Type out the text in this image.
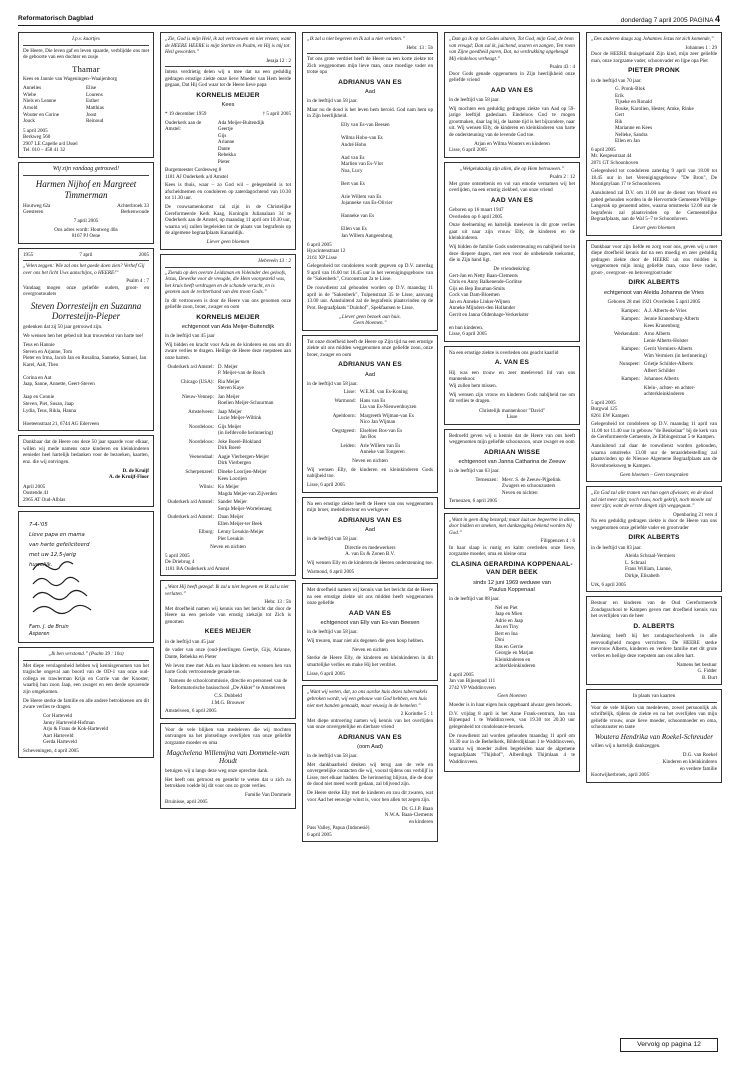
Reformatorisch Dagblad	donderdag 7 april 2005 PAGINA 4
I.p.v. kaartjes
De Heere, Die leven gaf en leven spaarde, verblijdde ons met de geboorte van een dochter en zusje
Thamar
Kees en Jannie van Wageningen–Waaijenborg
Annelies
Wiebe
Niels en Leanne
Arnold
Wouter en Corine
Jouck
Elise
Lourens
Esther
Matthias
Joost
Reinoud
5 april 2005
Berkweg 560
2907 LE Capelle a/d IJssel
Tel. 010 – 458 41 32
Wij zijn vandaag getrouwd!
Harmen Nijhof en Margreet Timmerman
Houtweg 62a
Geesteren
Achterbroek 33
Berkenwoude
7 april 2005
Ons adres wordt: Houtweg 40a
8167 PJ Oene
1955	7 april	2005
„Velen zeggen: Wie zal ons het goede doen zien? Verhef Gij over ons het licht Uws aanschijns, o HEERE!”
Psalm 4 : 7
Vandaag mogen onze geliefde ouders, groot- en overgrootouders
Steven Dorresteijn en Suzanna Dorresteijn-Pieper
gedenken dat zij 50 jaar getrouwd zijn.
We wensen hen het gebed uit hun trouwtekst van harte toe!
Teus en Hannie
Steven en Arjanne, Tom
Pieter en Irma, Jacob Jan en Rosalina, Sanneke, Samuel, Jan Karel, Aalt, Theo

Corina en Aat
Jaap, Sanne, Annette, Geert-Steven

Jaap en Connie
Steven, Piet, Susan, Jaap
Lydia, Teus, Rikla, Hanna

Hoeteenstraat 21, 6744 AG Ederveen
Dankbaar dat de Heere ons deze 50 jaar spaarde voor elkaar, willen wij mede namens onze kinderen en kleinkinderen eenieder heel hartelijk bedanken voor de bezoeken, kaarten, enz. die wij ontvingen.
D. de Kruijf
A. de Kruijf-Floor
April 2005
Oostende 41
2965 AT Oud-Alblas
7-4-'05
Lieve papa en mama
van harte gefeliciteerd
met uw 12,5-jarig
huwelijk.
Fam. J. de Bruin
Asperen
„Ik ben verstomd.” (Psalm 39 : 10a)
Met diepe verslagenheid hebben wij kennisgenomen van het tragische ongeval aan boord van de OD-1 van onze oud-collega en trawlerman Krijn en Corrie van der Knoster, waarbij hun zoon Jaap, een zwager en een derde opvarende zijn omgekomen.
De Heere sterke de familie en alle andere betrokkenen om dit zware verlies te dragen.
Cor Harteveld
Janny Harteveld-Hofman
Arjo & Frans de Kok-Harteveld
Aart Harteveld
Gerda Harteveld
Scheveningen, 4 april 2005
„Zie, God is mijn Heil, ik zal vertrouwen en niet vrezen; want de HEERE HEERE is mijn Sterkte en Psalm, en Hij is mij tot Heil geworden.”
Jesaja 12 : 2
Intens verdrietig delen wij u mee dat na een geduldig gedragen ernstige ziekte onze lieve Moeder van Hem leerde gegaan, Dat Hij God waar tot de Heere lieve papa
KORNELIS MEIJER
Kees
* 19 december 1959	† 5 april 2005
Ouderkerk aan de Amstel:
Ada Meijer-Buitendijk
Geertje
Gijs
Arianne
Dante
Rebekka
Pieter
Burgemeester Cordesweg 8
1181 AJ Ouderkerk a/d Amstel
Kees is thuis, waar – zo God wil – gelegenheid is tot afscheidnemen en condoleren op zaterdagochtend van 10.30 tot 11.30 uur.
De rouwsamenkomst zal zijn in de Christelijke Gereformeerde Kerk Kaag, Koningin Julianalaan 34 te Ouderkerk aan de Amstel, op maandag 11 april om 10.30 uur, waarna wij zullen begeleiden tot de plaats van begrafenis op de algemene begraafplaats Kanaaldijk.
Liever geen bloemen
Hebreeën 13 : 2
„Zienda op den overste Leidsman en Voleinder des geloofs, Jezus, Dewelke voor de vreugde, die Hem voorgesteld was, het kruis heeft verdragen en de schande veracht, en is gezeten aan de rechterhand van den troon Gods.”
In dit vertrouwen is door de Heere van ons genomen onze geliefde zoon, broer, zwager en oom
KORNELIS MEIJER
echtgenoot van Ada Meijer-Buitendijk
in de leeftijd van 45 jaar
Wij bidden en kracht voor Ada en de kinderen en ons om dit zware verlies te dragen. Heilige de Heere deze roepsteen aan onze harten.
Ouderkerk a/d Amstel: D. Meijer
P. Meijer-van de Bosch
Chicago (USA): Ria Meijer
Steven Kaye
Nieuw-Vennep: Jan Meijer
Roelien Meijer-Schuurman
Amstelveen: Jaap Meijer
Lucie Meijer-Wiltink
Noordeloos: Gijs Meijer
(in liefdevolle herinnering)
Noordeloos: Joke Boeré-Blokland
Dirk Boeré
Veenendaal: Aagje Vierbergen-Meijer
Dirk Vierbergen
Scherpenzeel: Dineke Loorijen-Meijer
Kees Loorijen
Wilnis: Ko Meijer
Magda Meijer-van Zijverden
Ouderkerk a/d Amstel: Sander Meijer
Sonja Meijer-Wortelenaeg
Ouderkerk a/d Amstel: Daan Meijer
Ellen Meijer-ter Beek
Elburg: Lenny Lesukin-Meijer
Piet Lesukin
Neven en nichten
5 april 2005
De Driebrug 4
1181 BA Ouderkerk a/d Amstel
„Want Hij heeft gezegd: Ik zal u niet begeven en Ik zal u niet verlaten.”
Hebr. 13 : 5b
Met droefheid namen wij kennis van het bericht dat door de Heere na een periode van ernstig ziekzijn tot Zich is genomen
KEES MEIJER
in de leeftijd van 45 jaar
de vader van onze (oud-)leerlingen Geertje, Gijs, Arianne, Dante, Rebekka en Pieter
We leven mee met Ada en haar kinderen en wensen hen van harte Gods vertroostende genade toe.
Namens de schoolcommissie, directie en personeel van de Reformatorische basisschool „De Akker” te Amstelveen
C.S. Dubbeld
J.M.G. Brouwer
Amstelveen, 6 april 2005
Voor de vele blijken van medeleven die wij mochten ontvangen na het plotselinge overlijden van onze geliefde zorgzame moeder en oma
Magchelena Willemijna van Dommele-van Houdt
betuigen wij u langs deze weg onze oprechte dank.
Het heeft ons getroost en gesterkt te weten dat u zich zo betrokken voelde bij dit voor ons zo grote verlies.
Familie Van Dommele
Bruinisse, april 2005
„Ik zal u niet begeven en Ik zal u niet verlaten.”
Hebr. 13 : 5b
Tot ons grote verdriet heeft de Heere na een korte ziekte tot Zich weggenomen mijn lieve man, onze moedige vader en trotse opa
ADRIANUS VAN ES
Aad
in de leeftijd van 58 jaar.
Maar nu de dood is het leven hem beroid. God nam hem op in Zijn heerlijkheid.
Elly van Es-van Beesen

Wilma Hobo-van Es
André Hobo

Aad van Es
Marlien van Es-Vlot
Noa, Lucy

Bert van Es

Arie Willem van Es
Jojanneke van Es-Olivier

Hanneke van Es

Ellen van Es
Jan Willem Aangeenbrug
6 april 2005
Hyacintenstraat 12
2161 XP Lisse
Gelegenheid tot condoleren wordt gegeven op D.V. zaterdag 9 april van 16.00 tot 16.45 uur in het verenigingsgebouw van de "Sakenberk", Cruconstraat 2a te Lisse.
De rouwdienst zal gehouden worden op D.V. maandag 11 april in de "Sakenberk", Tulpenstraat 35 te Lisse, aanvang 13.00 uur. Aansluitend zal de begrafenis plaatsvinden op de Prot. Begraafplaats "Duinhof", Spekfaatsen te Lisse.
„Liever geen bezoek aan huis.
Geen bloemen.”
Tot onze droefheid heeft de Heere op Zijn tijd na een ernstige ziekte uit ons midden weggenomen onze geliefde zoon, onze broer, zwager en oom
ADRIANUS VAN ES
Aad
in de leeftijd van 58 jaar.
Lisse: W.E.M. van Es-Koning
Warmond: Hans van Es
Lia van Es-Nieuwenhuyzen
Apeldoorn: Margreeth Wijman-van Es
Nico Jan Wijman
Oegstgeest: Elsebien Bos-van Es
Jan Bos
Leiden: Arie Willem van Es
Anneke van Tongeren
Neven en nichten
Wij wensen Elly, de kinderen en kleinkinderen Gods nabijheid toe.
Lisse, 6 april 2005
Na een ernstige ziekte heeft de Heere van ons weggenomen mijn broer, mededirecteur en werkgever
ADRIANUS VAN ES
Aad
in de leeftijd van 58 jaar.
Directie en medewerkers
A. van Es & Zonen B.V.
Wij wensen Elly en de kinderen de Heeren ondersteuning toe.
Warmond, 6 april 2005
Met droefheid namen wij kennis van het bericht dat de Heere na een ernstige ziekte uit ons midden heeft weggenomen onze geliefde
AAD VAN ES
echtgenoot van Elly van Es-van Beesen
in de leeftijd van 58 jaar.
Wij treuren, maar niet als degenen die geen hoop hebben.
Neven en nichten
Sterke de Heere Elly, de kinderen en kleinkinderen in dit smartelijke verlies en make Hij het verdriet.
Lisse, 6 april 2005
„Want wij weten, dat, zo ons aardse huis dezes tabernakels gebroken wordt, wij een gebouw van God hebben, een huis niet met handen gemaakt, maar eeuwig in de hemelen.”
2 Korinthe 5 : 1
Met diepe ontroering namen wij kennis van het overlijden van onze onvergetelijke en dierbare vriend
ADRIANUS VAN ES
(oom Aad)
in de leeftijd van 58 jaar.
Met dankbaarheid denken wij terug aan de vele en onvergetelijke contacten die wij, vooral tijdens ons verblijf in Lisse, met elkaar hadden. De herinnering blijvan, die de door de dood niet meed wordt gedaan, zal blijvend zijn.
De Heere sterke Elly met de kinderen en zou dit zwaren, wat voor Aad het eeuwige winst is, voor hen allen tot zegen zijn.
Dr. G.J.P. Baan
N.W.A. Baan-Clements
en kinderen
Pass Valley, Papua (Indonesië)
6 april 2005
„Dan ga ik op tot Godes altaren, Tot God, mijn God, de bron van vreugd; Dan zal ik, juichend, snaren en zangen, Ten roem van Zijne goedheid paren, Dat, na verdrukking opgeheugd Mij eindeloos verheugt.”
Psalm 43 : 4
Door Gods genade opgenomen in Zijn heerlijkheid onze geliefde vriend
AAD VAN ES
in de leeftijd van 58 jaar.
Wij mochten een geduldig gedragen ziekte van Aad op 59-jarige leeftijd gadeslaan. Eindeloos God te mogen grootmaken, daar lag bij, de laatste tijd is het bijzondere, naar uit. Wij wensen Elly, de kinderen en kleinkinderen van harte de ondersteuning van de levende God toe.
Arjan en Wilma Wouters en kinderen
Lisse, 6 april 2005
„Welgelukzalig zijn allen, die op Hem betrouwen.”
Psalm 2 : 12
Met grote ontsteltenis en vol van emotie vernamen wij het overlijden, na een ernstig ziekbed, van onze vriend
AAD VAN ES
Geboren op 16 maart 1947
Overleden op 6 april 2005
Onze deelneming en hartelijk meeleven in dit grote verlies gaat uit naar zijn vrouw Elly, de kinderen en de kleinkinderen.
Wij bidden de familie Gods ondersteuning en nabijheid toe in deze diepere dagen, met een voor de onbekende toekomst, die in Zijn hand ligt.
De vriendenkring:
Gert-Jan en Netty Baan-Clements
Chris en Anny Balkenende-Gorlitse
Gijs en Bep Bouman-Smits
Cock van Dam-Bloemen
Jan en Anneke Linker-Wijnen
Anneke Mijnders-den Hollander
Gerrit en Janna Oldenhage-Verkerkster

en hun kinderen.
Lisse, 6 april 2005
Na een ernstige ziekte is overleden ons geacht kaarlid
A. VAN ES
Hij was een trouw en zeer meelevend lid van ons mannenkoor.
Wij zullen hem missen.
Wij wensen zijn vrouw en kinderen Gods nabijheid toe om dit verlies te dragen.
Christelijk mannenkoor "David"
Lisse
Bedroefd geven wij u kennis dat de Heere van ons heeft weggenomen mijn geliefde schoonzoon, onze zwager en oom
ADRIAAN WISSE
echtgenoot van Janna Catharina de Zeeuw
in de leeftijd van 63 jaar.
Terneuzen: Mevr. S. de Zeeuw-Pijpelink
Zwagers en schoonzusters
Neven en nichten
Terneuzen, 6 april 2005
„Want in geen ding bezorgd; maar laat uw begeerten in alles, door bidden en smeken, met dankzegging bekend worden bij God.”
Filippenzen 4 : 6
In haar slaap is rustig en kalm overleden onze lieve, zorgzame moeder, oma en kleine oma
CLASINA GERARDINA KOPPENAAL-VAN DER BEEK
sinds 12 juni 1969 weduwe van
Paulus Koppenaal
in de leeftijd van 88 jaar.
Nel en Piet
Jaap en Mien
Adrie en Jaap
Jan en Tiny
Bert en Ina
Dini
Bas en Gerrie
Georgie en Marjan
Kleinkinderen en
achterkleinkinderen
4 april 2005
Jan van Bijnenpad 111
2742 VP Waddinxveen
Geen bloemen
Moeder is in haar eigen huis opgebaard alwaar geen bezoek.
D.V. vrijdag 8 april is het Anne Frank-centrum, Jan van Bijnenpad 1 te Waddinxveen, van 19.30 tot 20.30 uur gelegenheid tot condoleance-bezoek.
De rouwdienst zal worden gehouden maandag 11 april om 10.30 uur in de Bethelkerk, Bilderdijklaan 1 te Waddinxveen, waarna wij moeder zullen begeleiden naar de algemene begraafplaats "Thijshof", Alberdingk Thijmlaan 4 te Waddinxveen.
„Des anderen daags zag Johannes Jezus tot zich komende,”
Johannes 1 : 29
Door de HEERE thuisgehaald Zijn kind, mijn zeer geliefde man, onze zorgzame vader, schoonvader en lijpe opa Piet
PIETER PRONK
in de leeftijd van 70 jaar.
G. Pronk-Blok
Erik
Tijseke en Ronald
Bouke, Karolien, Hester, Amke, Rinke
Gert
Rik
Marianne en Kees
Nelleke, Sandra
Ellen en Jan
6 april 2005
Mr. Kespesstraat 44
2871 GT Schoonhoven
Gelegenheid tot condoleren zaterdag 9 april van 18.00 tot 18.45 uur in het Verenigingsgebouw "De Bron", De Montignylaan 17 te Schoonhoven.
Aansluitend zal D.V. om 11.00 uur de dienst van Woord en gebed gehouden worden in de Hervormde Gemeente Willige-Langerak op genoemd adres, waarna omstreeks 12.00 uur de begrafenis zal plaatsvinden op de Gemeentelijke Begraafplaats, aan de Wal 5–7 te Schoonhoven.
Liever geen bloemen
Dankbaar voor zijn liefde en zorg voor ons, geven wij u met diepe droefheid kennis dat na een moedig en zeer geduldig gedragen ziekte door de HEERE uit ons midden is weggenomen mijn innig geliefde man, onze lieve vader, groot-, overgroot- en betovergrootvader
DIRK ALBERTS
echtgenoot van Aleida Johanna de Vries
Geboren 28 mei 1921 Overleden 5 april 2005
Kampen: A.J. Alberts-de Vries
Kampen: Jennie Kranenburg-Alberts
Kees Kranenburg
Werkendam: Arno Alberts
Lenie Alberts-Holster
Kampen: Gerrit Vermiers-Alberts
Wim Vermiers (in herinnering)
Nunspeet: Grietje Schilder-Alberts
Albert Schilder
Kampen: Johannes Alberts
Klein-, achter- en achter-achterkleinkinderen
5 april 2005
Burgwal 125
8261 EW Kampen
Gelegenheid tot condoleren op D.V. maandag 11 april van 11.00 tot 11.40 uur in gebouw "de Beukelaar" bij de kerk van de Gereformeerde Gemeente, 2e Ebbingestraat 5 te Kampen.
Aansluitend zal daar de rouwdienst worden gehouden, waarna omstreeks 13.00 uur de teraardebestelling zal plaatsvinden op de Nieuwe Algemene Begraafplaats aan de Rovenbroeksweg te Kampen.
Geen bloemen – Geen toespraken
„En God zal alle tranen van hun ogen afwissen; en de dood zal niet meer zijn; noch rouw, noch gekrijt, noch moeite zal meer zijn; want de eerste dingen zijn weggegaan.”
Openbaring 21 vers 4
Na een geduldig gedragen ziekte is door de Heere van ons weggenomen onze geliefde vader en grootvader
DIRK ALBERTS
in de leeftijd van 83 jaar.
Aleida Schraal-Vermiers
L. Schraal
Frans William, Lianne,
Dirkje, Elisabeth
Urk, 6 april 2005
Bestuur en kinderen van de Oud Gereformeerde Zondagsschool te Kampen geven met droefheid kennis van het overlijden van de heer
D. ALBERTS
Jarenlang heeft hij het zondagsschoolwerk in alle eenvoudigheid mogen verrichten. De HEERE sterke mevrouw Alberts, kinderen en verdere familie met dit grote verlies en heilige deze roepstem aan ons allen hart.
Namens het bestuur
G. Fidder
B. Burt
In plaats van kaarten
Voor de vele blijken van medeleven, zowel persoonlijk als schriftelijk, tijdens de ziekte en na het overlijden van mijn geliefde vrouw, onze lieve moeder, schoonmoeder en oma, schoonzuster en tante
Woutera Hendrika van Roekel-Schreuder
willen wij u hartelijk dankzeggen.
D.G. van Roekel
Kinderen en kleinkinderen
en verdere familie
Kootwijkerbroek, april 2005
Vervolg op pagina 12
